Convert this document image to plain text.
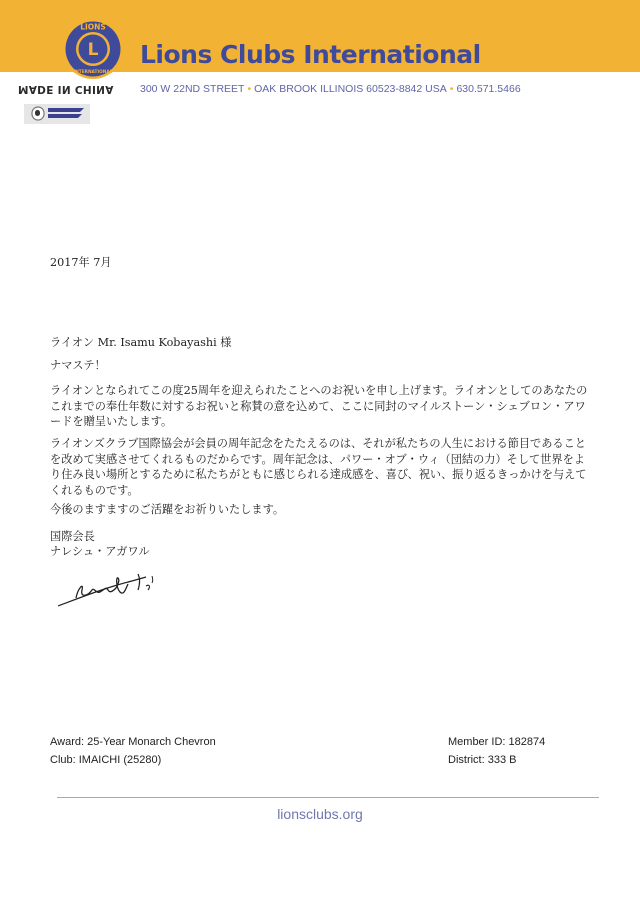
LIONS
L
INTERNATIONAL
Lions Clubs International
300 W 22ND STREET • OAK BROOK ILLINOIS 60523-8842 USA • 630.571.5466
MADE IN CHINA
2017年 7月
ライオン Mr. Isamu Kobayashi 様
ナマステ！
ライオンとなられてこの度25周年を迎えられたことへのお祝いを申し上げます。ライオンとしてのあなたのこれまでの奉仕年数に対するお祝いと称賛の意を込めて、ここに同封のマイルストーン・シェブロン・アワードを贈呈いたします。
ライオンズクラブ国際協会が会員の周年記念をたたえるのは、それが私たちの人生における節目であることを改めて実感させてくれるものだからです。周年記念は、パワー・オブ・ウィ（団結の力）そして世界をより住み良い場所とするために私たちがともに感じられる達成感を、喜び、祝い、振り返るきっかけを与えてくれるものです。
今後のますますのご活躍をお祈りいたします。
国際会長
ナレシュ・アガワル
Award: 25-Year Monarch Chevron
Club: IMAICHI (25280)
Member ID: 182874
District: 333 B
lionsclubs.org
